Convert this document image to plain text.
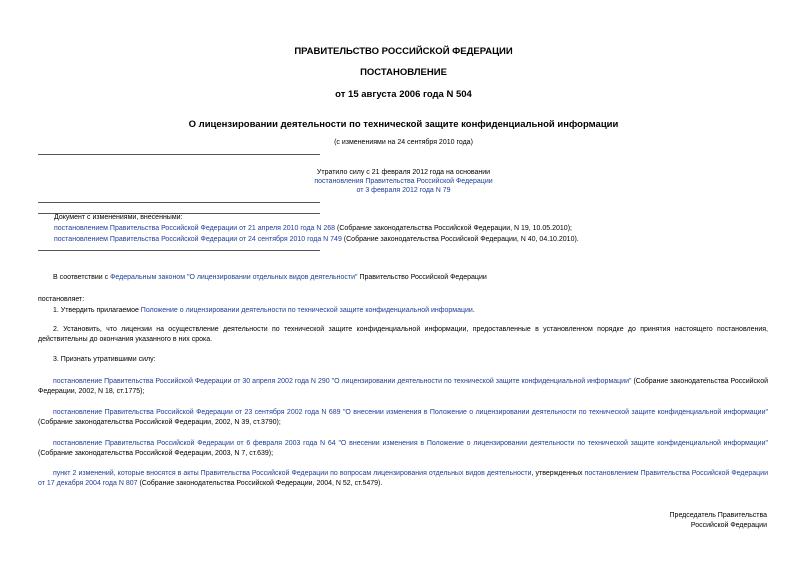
ПРАВИТЕЛЬСТВО РОССИЙСКОЙ ФЕДЕРАЦИИ
ПОСТАНОВЛЕНИЕ
от 15 августа 2006 года N 504
О лицензировании деятельности по технической защите конфиденциальной информации
(с изменениями на 24 сентября 2010 года)
Утратило силу с 21 февраля 2012 года на основании
постановления Правительства Российской Федерации
от 3 февраля 2012 года N 79
Документ с изменениями, внесенными:
постановлением Правительства Российской Федерации от 21 апреля 2010 года N 268 (Собрание законодательства Российской Федерации, N 19, 10.05.2010);
постановлением Правительства Российской Федерации от 24 сентября 2010 года N 749 (Собрание законодательства Российской Федерации, N 40, 04.10.2010).
В соответствии с Федеральным законом "О лицензировании отдельных видов деятельности" Правительство Российской Федерации
постановляет:
1. Утвердить прилагаемое Положение о лицензировании деятельности по технической защите конфиденциальной информации.
2. Установить, что лицензии на осуществление деятельности по технической защите конфиденциальной информации, предоставленные в установленном порядке до принятия настоящего постановления, действительны до окончания указанного в них срока.
3. Признать утратившими силу:
постановление Правительства Российской Федерации от 30 апреля 2002 года N 290 "О лицензировании деятельности по технической защите конфиденциальной информации" (Собрание законодательства Российской Федерации, 2002, N 18, ст.1775);
постановление Правительства Российской Федерации от 23 сентября 2002 года N 689 "О внесении изменения в Положение о лицензировании деятельности по технической защите конфиденциальной информации" (Собрание законодательства Российской Федерации, 2002, N 39, ст.3790);
постановление Правительства Российской Федерации от 6 февраля 2003 года N 64 "О внесении изменения в Положение о лицензировании деятельности по технической защите конфиденциальной информации" (Собрание законодательства Российской Федерации, 2003, N 7, ст.639);
пункт 2 изменений, которые вносятся в акты Правительства Российской Федерации по вопросам лицензирования отдельных видов деятельности, утвержденных постановлением Правительства Российской Федерации от 17 декабря 2004 года N 807 (Собрание законодательства Российской Федерации, 2004, N 52, ст.5479).
Председатель Правительства
Российской Федерации
